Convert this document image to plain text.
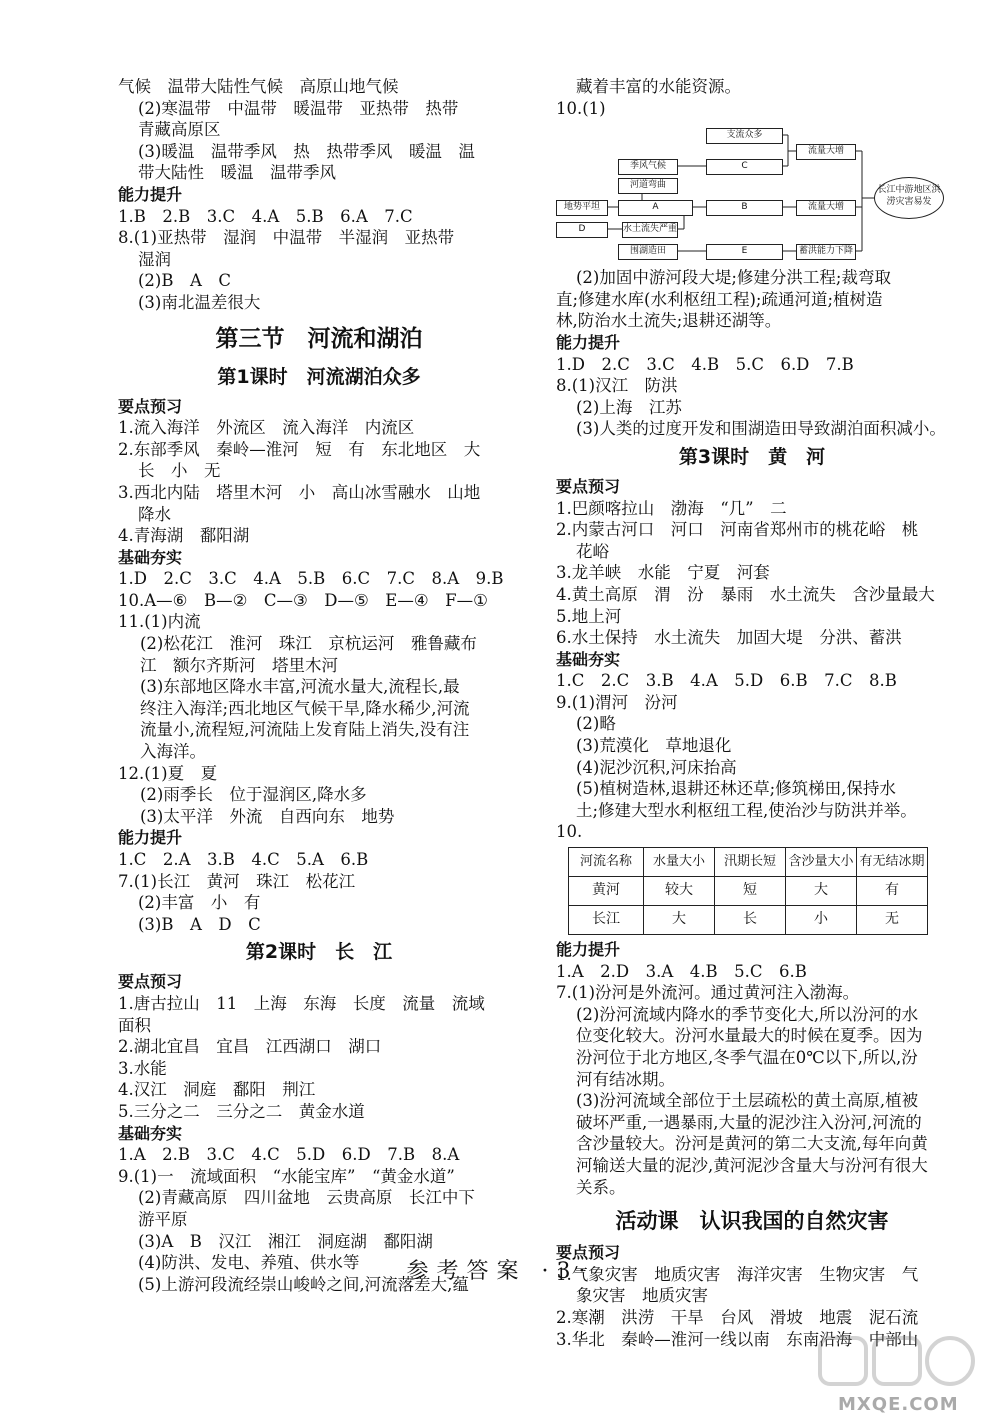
气候　温带大陆性气候　高原山地气候

(2)寒温带　中温带　暖温带　亚热带　热带

青藏高原区

(3)暖温　温带季风　热　热带季风　暖温　温

带大陆性　暖温　温带季风

能力提升

1.B　2.B　3.C　4.A　5.B　6.A　7.C

8.(1)亚热带　湿润　中温带　半湿润　亚热带

湿润

(2)B　A　C

(3)南北温差很大

第三节　河流和湖泊
第1课时　河流湖泊众多

要点预习

1.流入海洋　外流区　流入海洋　内流区

2.东部季风　秦岭—淮河　短　有　东北地区　大

长　小　无

3.西北内陆　塔里木河　小　高山冰雪融水　山地

降水

4.青海湖　鄱阳湖

基础夯实

1.D　2.C　3.C　4.A　5.B　6.C　7.C　8.A　9.B

10.A—⑥　B—②　C—③　D—⑤　E—④　F—①

11.(1)内流

(2)松花江　淮河　珠江　京杭运河　雅鲁藏布

江　额尔齐斯河　塔里木河

(3)东部地区降水丰富,河流水量大,流程长,最

终注入海洋;西北地区气候干旱,降水稀少,河流

流量小,流程短,河流陆上发育陆上消失,没有注

入海洋。

12.(1)夏　夏

(2)雨季长　位于湿润区,降水多

(3)太平洋　外流　自西向东　地势

能力提升

1.C　2.A　3.B　4.C　5.A　6.B

7.(1)长江　黄河　珠江　松花江

(2)丰富　小　有

(3)B　A　D　C

第2课时　长　江

要点预习

1.唐古拉山　11　上海　东海　长度　流量　流域

面积

2.湖北宜昌　宜昌　江西湖口　湖口

3.水能

4.汉江　洞庭　鄱阳　荆江

5.三分之二　三分之二　黄金水道

基础夯实

1.A　2.B　3.C　4.C　5.D　6.D　7.B　8.A

9.(1)一　流域面积　“水能宝库”　“黄金水道”

(2)青藏高原　四川盆地　云贵高原　长江中下

游平原

(3)A　B　汉江　湘江　洞庭湖　鄱阳湖

(4)防洪、发电、养殖、供水等

(5)上游河段流经崇山峻岭之间,河流落差大,蕴

藏着丰富的水能资源。

10.(1)

支流众多
季风气候	C
流量大增
河道弯曲
地势平坦	A	B	流量大增
D	水土流失严重
围湖造田	E	蓄洪能力下降
长江中游地区洪涝灾害易发

(2)加固中游河段大堤;修建分洪工程;裁弯取

直;修建水库(水利枢纽工程);疏通河道;植树造

林,防治水土流失;退耕还湖等。

能力提升

1.D　2.C　3.C　4.B　5.C　6.D　7.B

8.(1)汉江　防洪

(2)上海　江苏

(3)人类的过度开发和围湖造田导致湖泊面积减小。

第3课时　黄　河

要点预习

1.巴颜喀拉山　渤海　“几”　二

2.内蒙古河口　河口　河南省郑州市的桃花峪　桃

花峪

3.龙羊峡　水能　宁夏　河套

4.黄土高原　渭　汾　暴雨　水土流失　含沙量最大

5.地上河

6.水土保持　水土流失　加固大堤　分洪、蓄洪

基础夯实

1.C　2.C　3.B　4.A　5.D　6.B　7.C　8.B

9.(1)渭河　汾河

(2)略

(3)荒漠化　草地退化

(4)泥沙沉积,河床抬高

(5)植树造林,退耕还林还草;修筑梯田,保持水

土;修建大型水利枢纽工程,使治沙与防洪并举。

10.

河流名称	水量大小	汛期长短	含沙量大小	有无结冰期
黄河	较大	短	大	有
长江	大	长	小	无

能力提升

1.A　2.D　3.A　4.B　5.C　6.B

7.(1)汾河是外流河。通过黄河注入渤海。

(2)汾河流域内降水的季节变化大,所以汾河的水

位变化较大。汾河水量最大的时候在夏季。因为

汾河位于北方地区,冬季气温在0℃以下,所以,汾

河有结冰期。

(3)汾河流域全部位于土层疏松的黄土高原,植被

破坏严重,一遇暴雨,大量的泥沙注入汾河,河流的

含沙量较大。汾河是黄河的第二大支流,每年向黄

河输送大量的泥沙,黄河泥沙含量大与汾河有很大

关系。

活动课　认识我国的自然灾害

要点预习

1.气象灾害　地质灾害　海洋灾害　生物灾害　气

象灾害　地质灾害

2.寒潮　洪涝　干旱　台风　滑坡　地震　泥石流

3.华北　秦岭—淮河一线以南　东南沿海　中部山

参考答案 ·3·
MXQE.COM
